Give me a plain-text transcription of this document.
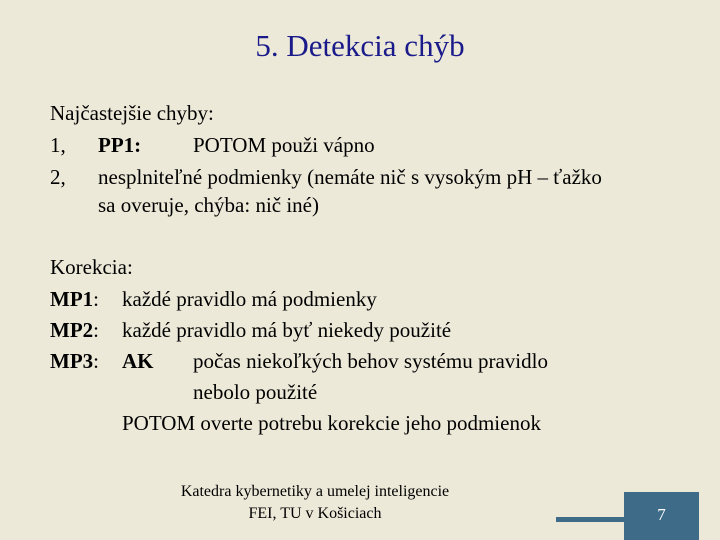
5. Detekcia chýb
Najčastejšie chyby:
1, PP1: POTOM použi vápno
2, nesplniteľné podmienky (nemáte nič s vysokým pH – ťažko
sa overuje, chýba: nič iné)
Korekcia:
MP1: každé pravidlo má podmienky
MP2: každé pravidlo má byť niekedy použité
MP3: AK počas niekoľkých behov systému pravidlo
nebolo použité
POTOM overte potrebu korekcie jeho podmienok
Katedra kybernetiky a umelej inteligencie
FEI, TU v Košiciach	7
